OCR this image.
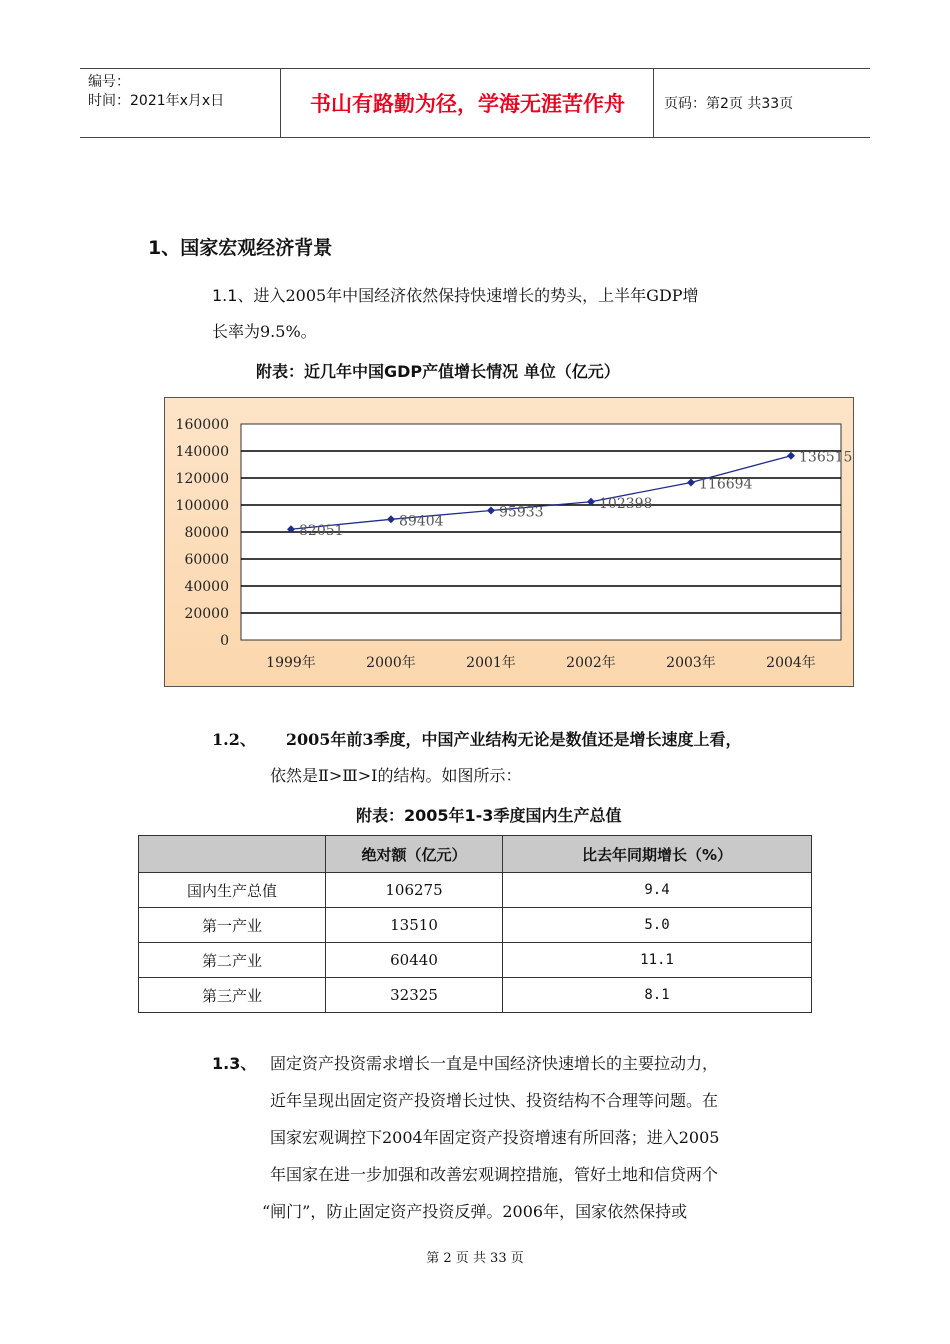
编号：
时间：2021年x月x日	书山有路勤为径，学海无涯苦作舟	页码：第2页 共33页
1、国家宏观经济背景
1.1、进入2005年中国经济依然保持快速增长的势头，上半年GDP增
长率为9.5%。
附表：近几年中国GDP产值增长情况 单位（亿元）
0
20000
40000
60000
80000
100000
120000
140000
160000
1999年	2000年	2001年	2002年	2003年	2004年
82051
89404
95933
102398
116694
136515
1.2、 2005年前3季度，中国产业结构无论是数值还是增长速度上看，
依然是Ⅱ>Ⅲ>Ⅰ的结构。如图所示：
附表：2005年1-3季度国内生产总值
	绝对额（亿元）	比去年同期增长（%）
国内生产总值	106275	9.4
第一产业	13510	5.0
第二产业	60440	11.1
第三产业	32325	8.1
1.3、 固定资产投资需求增长一直是中国经济快速增长的主要拉动力，
近年呈现出固定资产投资增长过快、投资结构不合理等问题。在
国家宏观调控下2004年固定资产投资增速有所回落；进入2005
年国家在进一步加强和改善宏观调控措施，管好土地和信贷两个
“闸门”，防止固定资产投资反弹。2006年，国家依然保持或
第 2 页 共 33 页
